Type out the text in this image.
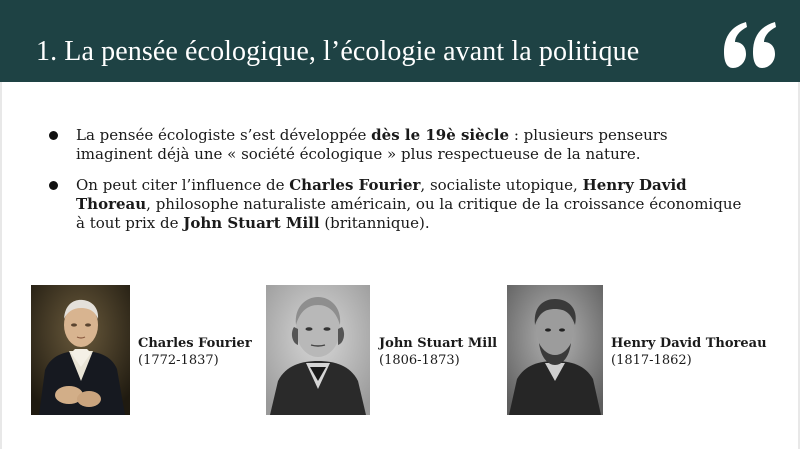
1. La pensée écologique, l’écologie avant la politique
La pensée écologiste s’est développée dès le 19è siècle : plusieurs penseurs imaginent déjà une « société écologique » plus respectueuse de la nature.
On peut citer l’influence de Charles Fourier, socialiste utopique, Henry David Thoreau, philosophe naturaliste américain, ou la critique de la croissance économique à tout prix de John Stuart Mill (britannique).
Charles Fourier
(1772-1837)
John Stuart Mill
(1806-1873)
Henry David Thoreau
(1817-1862)
